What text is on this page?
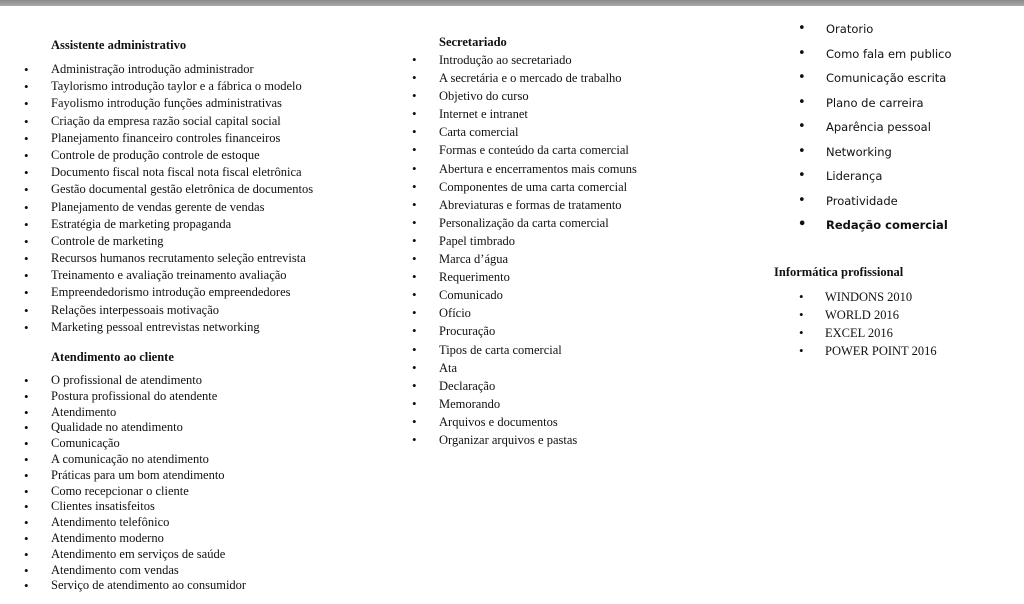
Assistente administrativo
• Administração introdução administrador
• Taylorismo introdução taylor e a fábrica o modelo
• Fayolismo introdução funções administrativas
• Criação da empresa razão social capital social
• Planejamento financeiro controles financeiros
• Controle de produção controle de estoque
• Documento fiscal nota fiscal nota fiscal eletrônica
• Gestão documental gestão eletrônica de documentos
• Planejamento de vendas gerente de vendas
• Estratégia de marketing propaganda
• Controle de marketing
• Recursos humanos recrutamento seleção entrevista
• Treinamento e avaliação treinamento avaliação
• Empreendedorismo introdução empreendedores
• Relações interpessoais motivação
• Marketing pessoal entrevistas networking
Atendimento ao cliente
• O profissional de atendimento
• Postura profissional do atendente
• Atendimento
• Qualidade no atendimento
• Comunicação
• A comunicação no atendimento
• Práticas para um bom atendimento
• Como recepcionar o cliente
• Clientes insatisfeitos
• Atendimento telefônico
• Atendimento moderno
• Atendimento em serviços de saúde
• Atendimento com vendas
• Serviço de atendimento ao consumidor
Secretariado
• Introdução ao secretariado
• A secretária e o mercado de trabalho
• Objetivo do curso
• Internet e intranet
• Carta comercial
• Formas e conteúdo da carta comercial
• Abertura e encerramentos mais comuns
• Componentes de uma carta comercial
• Abreviaturas e formas de tratamento
• Personalização da carta comercial
• Papel timbrado
• Marca d’água
• Requerimento
• Comunicado
• Ofício
• Procuração
• Tipos de carta comercial
• Ata
• Declaração
• Memorando
• Arquivos e documentos
• Organizar arquivos e pastas
• Oratorio
• Como fala em publico
• Comunicação escrita
• Plano de carreira
• Aparência pessoal
• Networking
• Liderança
• Proatividade
• Redação comercial
Informática profissional
• WINDONS 2010
• WORLD 2016
• EXCEL 2016
• POWER POINT 2016
